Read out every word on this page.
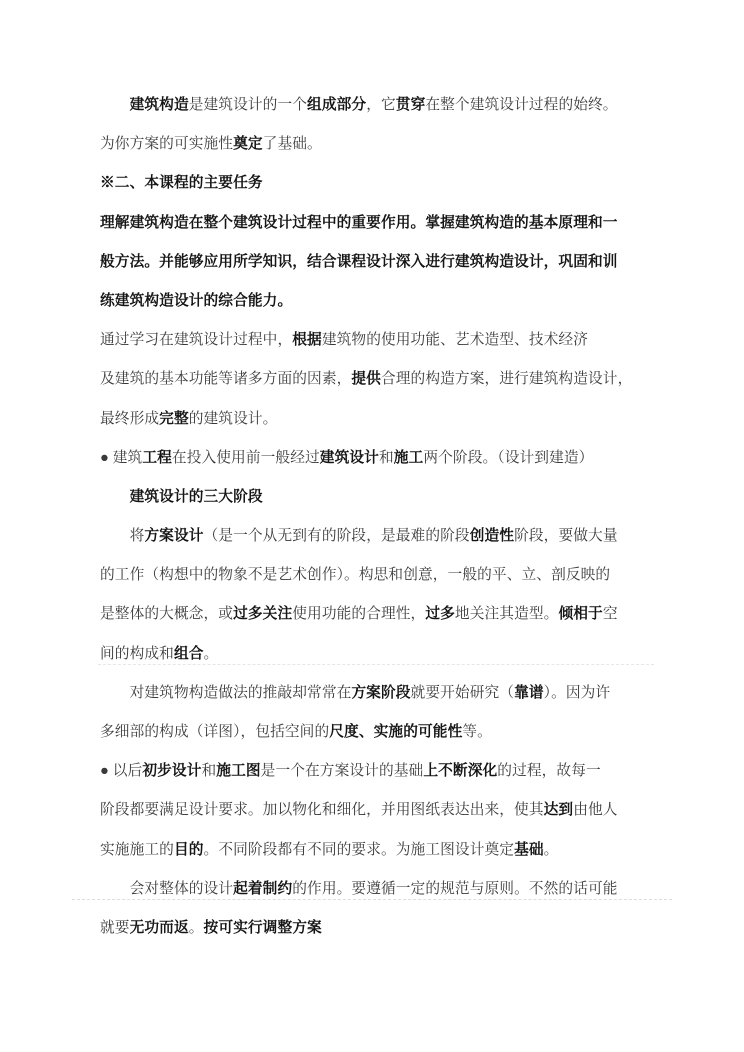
　　建筑构造是建筑设计的一个组成部分，它贯穿在整个建筑设计过程的始终。
为你方案的可实施性奠定了基础。
※二、本课程的主要任务
理解建筑构造在整个建筑设计过程中的重要作用。掌握建筑构造的基本原理和一
般方法。并能够应用所学知识，结合课程设计深入进行建筑构造设计，巩固和训
练建筑构造设计的综合能力。
通过学习在建筑设计过程中，根据建筑物的使用功能、艺术造型、技术经济
及建筑的基本功能等诸多方面的因素，提供合理的构造方案，进行建筑构造设计，
最终形成完整的建筑设计。
● 建筑工程在投入使用前一般经过建筑设计和施工两个阶段。（设计到建造）
　　建筑设计的三大阶段
　　将方案设计（是一个从无到有的阶段，是最难的阶段创造性阶段，要做大量
的工作（构想中的物象不是艺术创作）。构思和创意，一般的平、立、剖反映的
是整体的大概念，或过多关注使用功能的合理性，过多地关注其造型。倾相于空
间的构成和组合。
　　对建筑物构造做法的推敲却常常在方案阶段就要开始研究（靠谱）。因为许
多细部的构成（详图），包括空间的尺度、实施的可能性等。
● 以后初步设计和施工图是一个在方案设计的基础上不断深化的过程，故每一
阶段都要满足设计要求。加以物化和细化，并用图纸表达出来，使其达到由他人
实施施工的目的。不同阶段都有不同的要求。为施工图设计奠定基础。
　　会对整体的设计起着制约的作用。要遵循一定的规范与原则。不然的话可能
就要无功而返。按可实行调整方案
